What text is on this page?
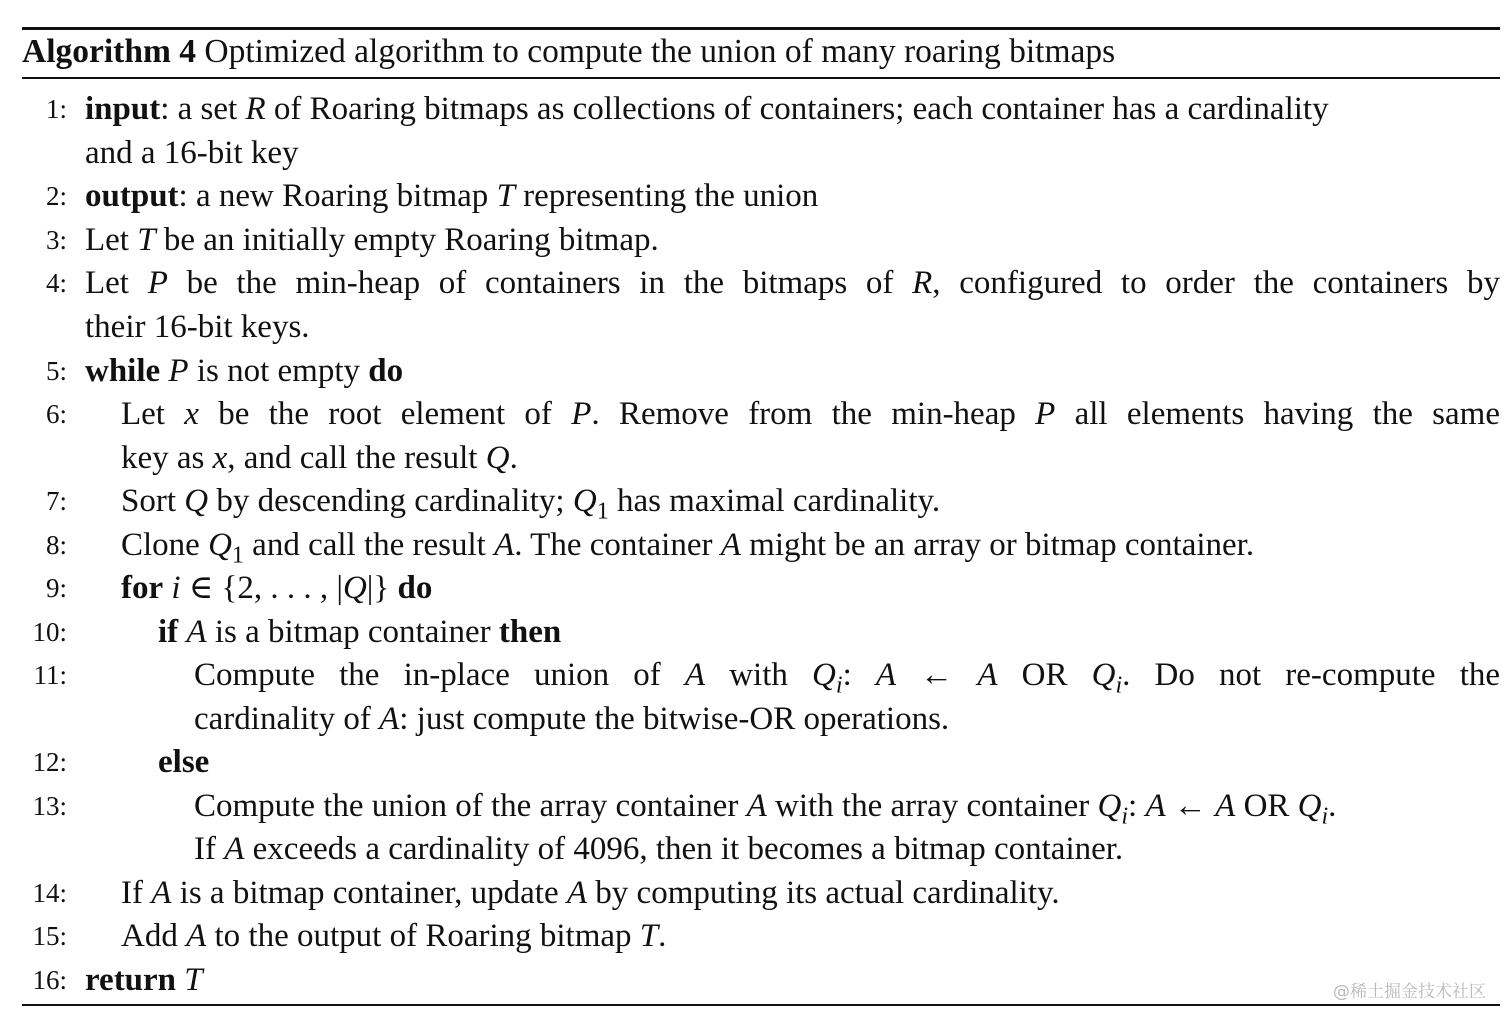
Algorithm 4 Optimized algorithm to compute the union of many roaring bitmaps
1: input: a set R of Roaring bitmaps as collections of containers; each container has a cardinality
and a 16-bit key
2: output: a new Roaring bitmap T representing the union
3: Let T be an initially empty Roaring bitmap.
4: Let P be the min-heap of containers in the bitmaps of R, configured to order the containers by
their 16-bit keys.
5: while P is not empty do
6: Let x be the root element of P. Remove from the min-heap P all elements having the same
key as x, and call the result Q.
7: Sort Q by descending cardinality; $Q_1$ has maximal cardinality.
8: Clone $Q_1$ and call the result A. The container A might be an array or bitmap container.
9: for i ∈ {2, . . . , |Q|} do
10:	if A is a bitmap container then
11:	Compute the in-place union of A with $Q_i$: A ← A OR $Q_i$. Do not re-compute the
cardinality of A: just compute the bitwise-OR operations.
12:	else
13:	Compute the union of the array container A with the array container $Q_i$: A ← A OR $Q_i$.
If A exceeds a cardinality of 4096, then it becomes a bitmap container.
14: If A is a bitmap container, update A by computing its actual cardinality.
15: Add A to the output of Roaring bitmap T.
16: return T	@稀土掘金技术社区
